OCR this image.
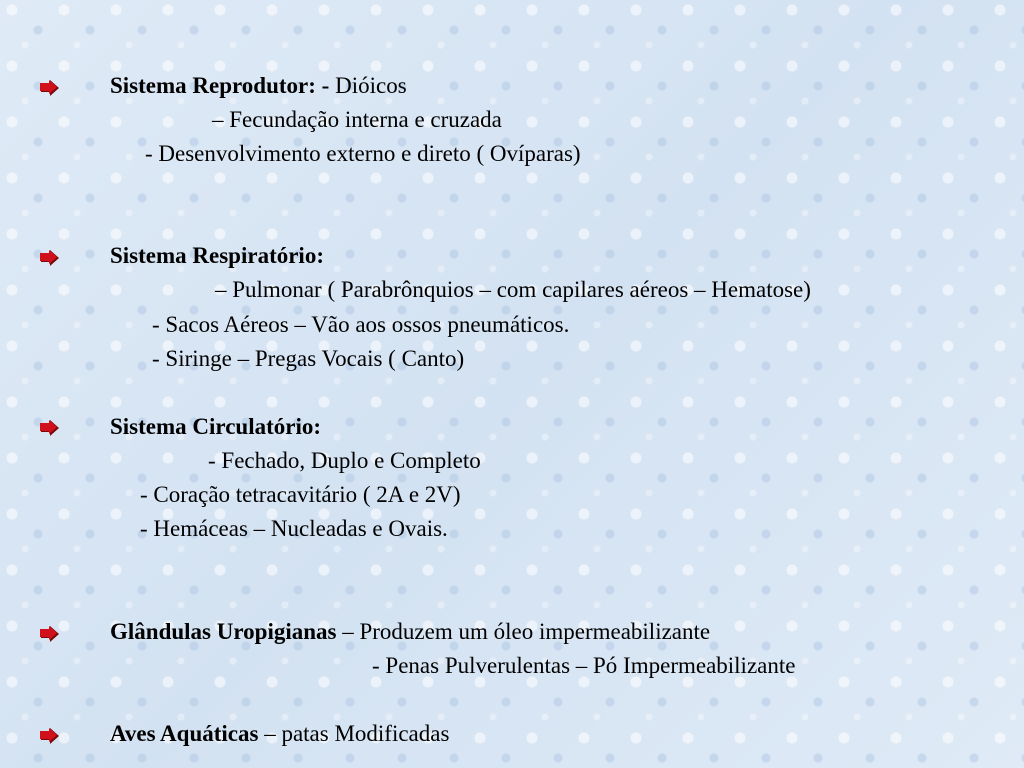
Sistema Reprodutor: - Dióicos
– Fecundação interna e cruzada
- Desenvolvimento externo e direto ( Ovíparas)
Sistema Respiratório:
– Pulmonar ( Parabrônquios – com capilares aéreos – Hematose)
- Sacos Aéreos – Vão aos ossos pneumáticos.
- Siringe – Pregas Vocais ( Canto)
Sistema Circulatório:
- Fechado, Duplo e Completo
- Coração tetracavitário ( 2A e 2V)
- Hemáceas – Nucleadas e Ovais.
Glândulas Uropigianas – Produzem um óleo impermeabilizante
- Penas Pulverulentas – Pó Impermeabilizante
Aves Aquáticas – patas Modificadas
